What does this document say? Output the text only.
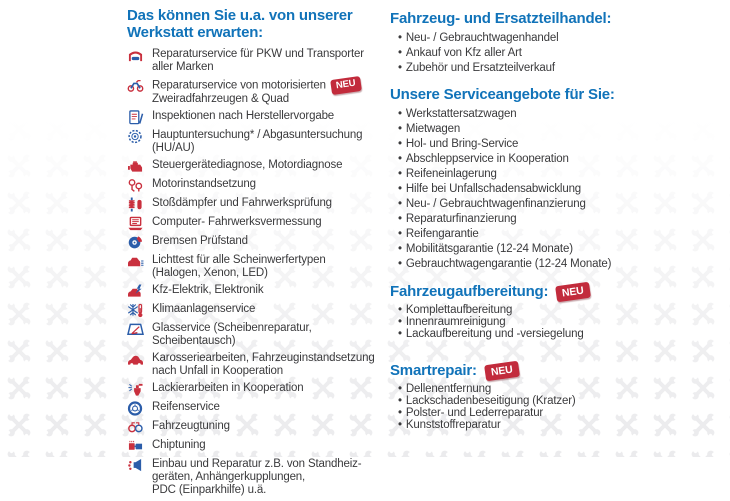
Das können Sie u.a. von unserer Werkstatt erwarten:
Reparaturservice für PKW und Transporter
aller Marken
Reparaturservice von motorisierten NEU
Zweiradfahrzeugen & Quad
Inspektionen nach Herstellervorgabe
Hauptuntersuchung* / Abgasuntersuchung
(HU/AU)
Steuergerätediagnose, Motordiagnose
Motorinstandsetzung
Stoßdämpfer und Fahrwerksprüfung
Computer- Fahrwerksvermessung
Bremsen Prüfstand
Lichttest für alle Scheinwerfertypen
(Halogen, Xenon, LED)
Kfz-Elektrik, Elektronik
Klimaanlagenservice
Glasservice (Scheibenreparatur, Scheibentausch)
Karosseriearbeiten, Fahrzeuginstandsetzung
nach Unfall in Kooperation
Lackierarbeiten in Kooperation
Reifenservice
Fahrzeugtuning
Chiptuning
Einbau und Reparatur z.B. von Standheiz-
geräten, Anhängerkupplungen,
PDC (Einparkhilfe) u.ä.
Fahrzeug- und Ersatzteilhandel:
• Neu- / Gebrauchtwagenhandel
• Ankauf von Kfz aller Art
• Zubehör und Ersatzteilverkauf
Unsere Serviceangebote für Sie:
• Werkstattersatzwagen
• Mietwagen
• Hol- und Bring-Service
• Abschleppservice in Kooperation
• Reifeneinlagerung
• Hilfe bei Unfallschadensabwicklung
• Neu- / Gebrauchtwagenfinanzierung
• Reparaturfinanzierung
• Reifengarantie
• Mobilitätsgarantie (12-24 Monate)
• Gebrauchtwagengarantie (12-24 Monate)
Fahrzeugaufbereitung: NEU
• Komplettaufbereitung
• Innenraumreinigung
• Lackaufbereitung und -versiegelung
Smartrepair: NEU
• Dellenentfernung
• Lackschadenbeseitigung (Kratzer)
• Polster- und Lederreparatur
• Kunststoffreparatur
